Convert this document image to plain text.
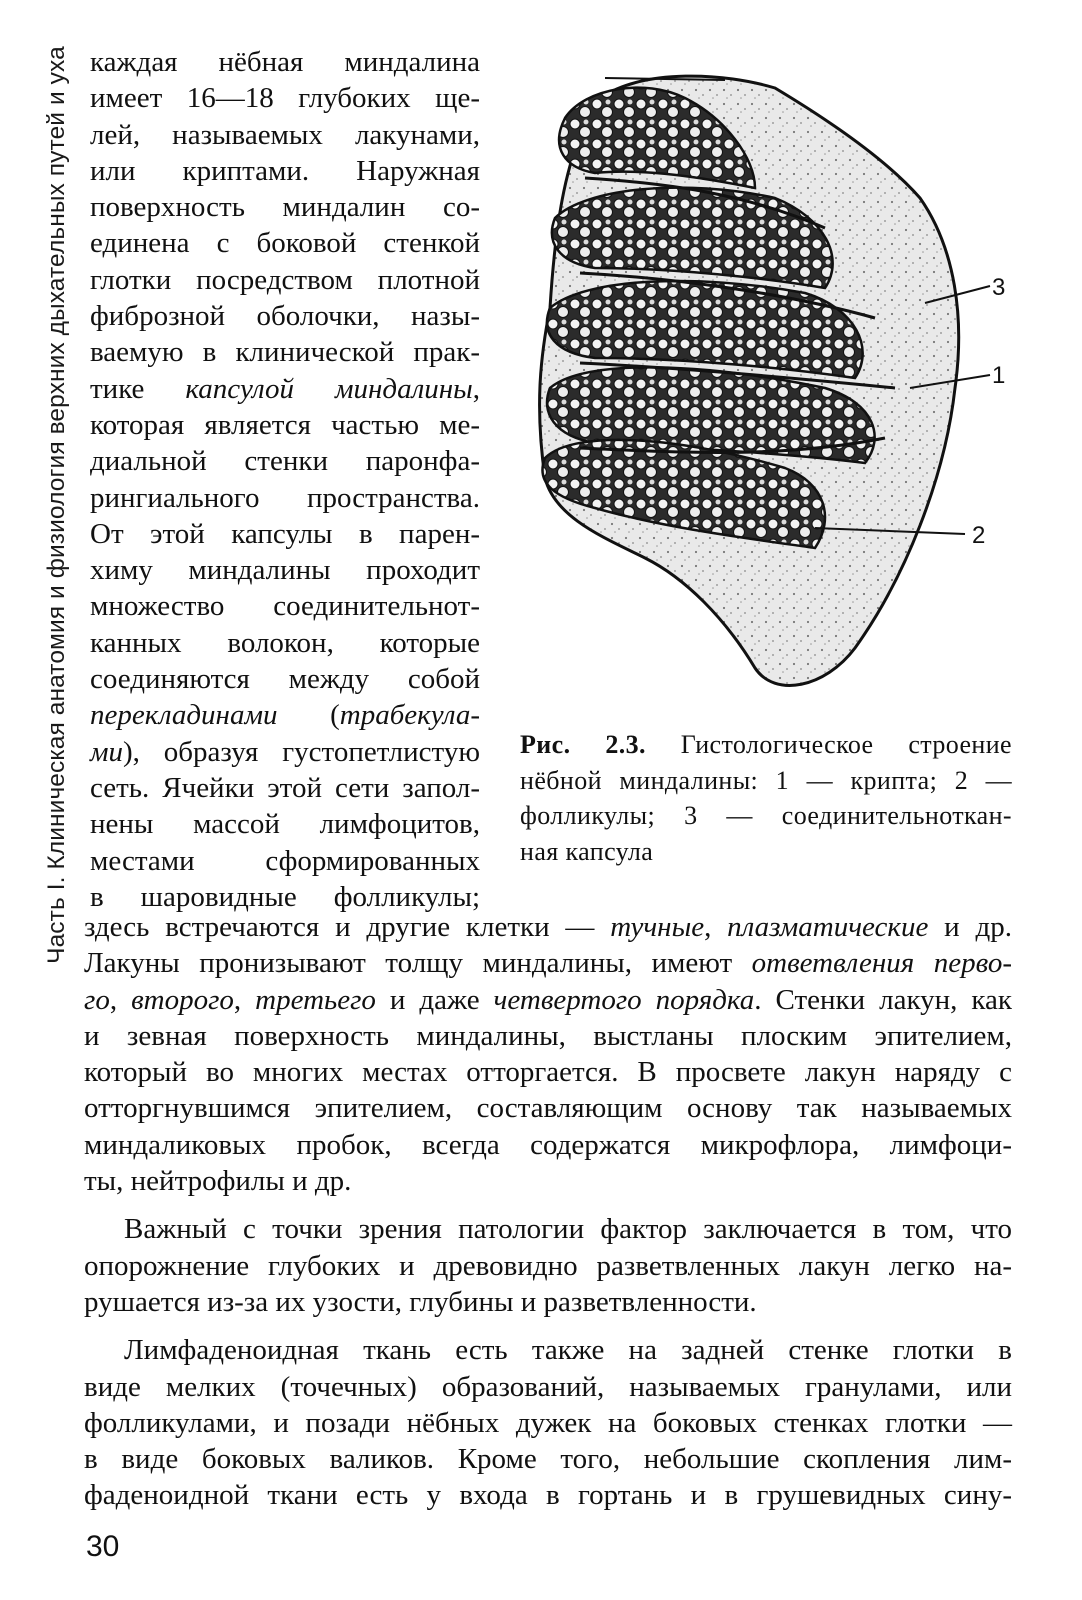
Часть I. Клиническая анатомия и физиология верхних дыхательных путей и уха каждая нёбная миндалина
имеет 16—18 глубоких ще-
лей, называемых лакунами,
или криптами. Наружная
поверхность миндалин со-
единена с боковой стенкой
глотки посредством плотной
фиброзной оболочки, назы-
ваемую в клинической прак-
тике капсулой миндалины,
которая является частью ме-
диальной стенки паронфа-
рингиального пространства.
От этой капсулы в парен-
химу миндалины проходит
множество соединительнот-
канных волокон, которые
соединяются между собой
перекладинами (трабекула-
ми), образуя густопетлистую
сеть. Ячейки этой сети запол-
нены массой лимфоцитов,
местами сформированных
в шаровидные фолликулы;
3
1
2
Рис. 2.3. Гистологическое строение
нёбной миндалины: 1 — крипта; 2 —
фолликулы; 3 — соединительноткан-
ная капсула
здесь встречаются и другие клетки — тучные, плазматические и др.
Лакуны пронизывают толщу миндалины, имеют ответвления перво-
го, второго, третьего и даже четвертого порядка. Стенки лакун, как
и зевная поверхность миндалины, выстланы плоским эпителием,
который во многих местах отторгается. В просвете лакун наряду с
отторгнувшимся эпителием, составляющим основу так называемых
миндаликовых пробок, всегда содержатся микрофлора, лимфоци-
ты, нейтрофилы и др.
Важный с точки зрения патологии фактор заключается в том, что
опорожнение глубоких и древовидно разветвленных лакун легко на-
рушается из-за их узости, глубины и разветвленности.
Лимфаденоидная ткань есть также на задней стенке глотки в
виде мелких (точечных) образований, называемых гранулами, или
фолликулами, и позади нёбных дужек на боковых стенках глотки —
в виде боковых валиков. Кроме того, небольшие скопления лим-
фаденоидной ткани есть у входа в гортань и в грушевидных сину-
30
